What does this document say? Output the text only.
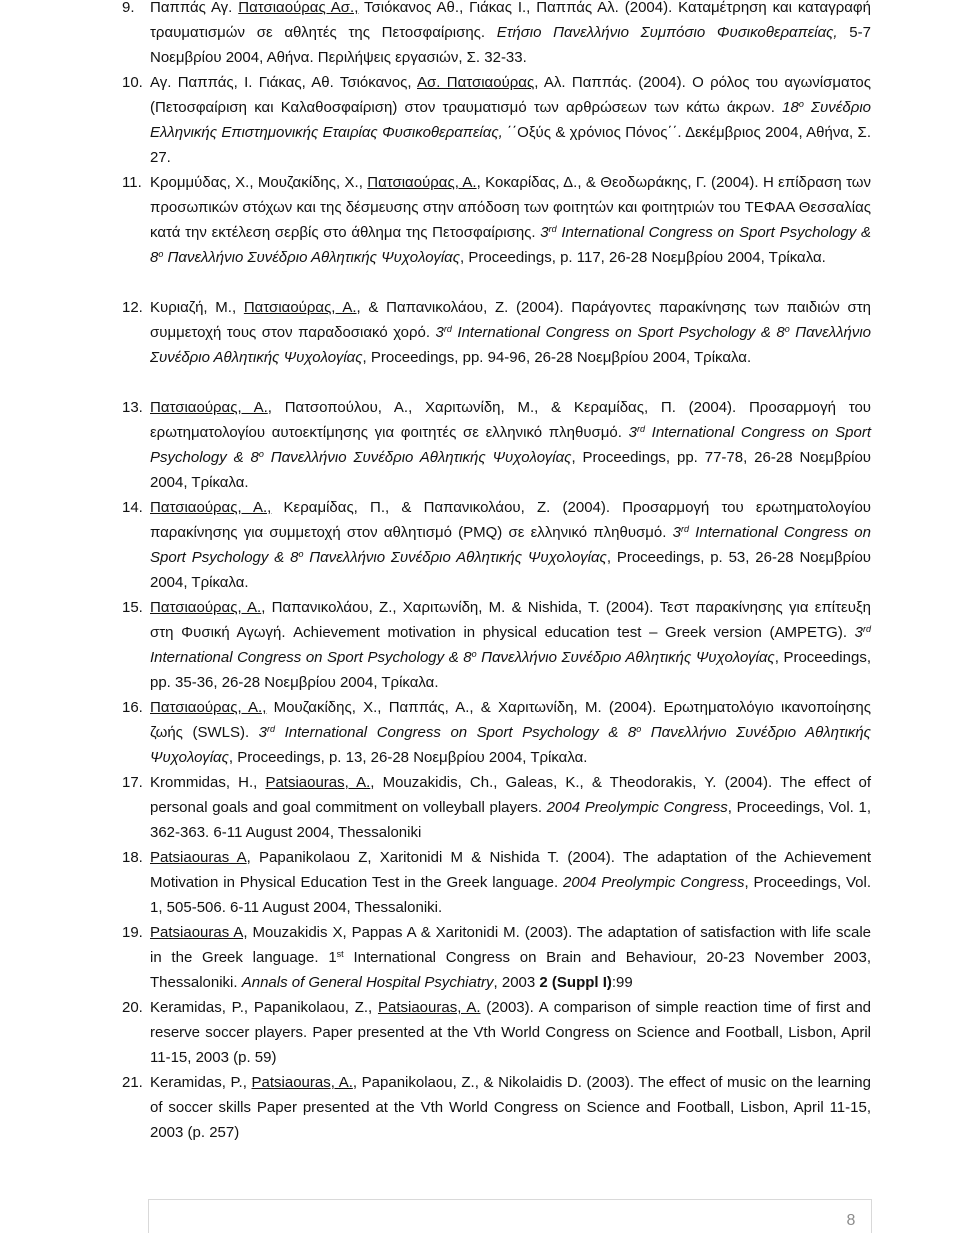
9. Παππάς Αγ. Πατσιαούρας Ασ., Τσιόκανος Αθ., Γιάκας Ι., Παππάς Αλ. (2004). Καταμέτρηση και καταγραφή τραυματισμών σε αθλητές της Πετοσφαίρισης. Ετήσιο Πανελλήνιο Συμπόσιο Φυσικοθεραπείας, 5-7 Νοεμβρίου 2004, Αθήνα. Περιλήψεις εργασιών, Σ. 32-33.
10. Αγ. Παππάς, Ι. Γιάκας, Αθ. Τσιόκανος, Ασ. Πατσιαούρας, Αλ. Παππάς. (2004). Ο ρόλος του αγωνίσματος (Πετοσφαίριση και Καλαθοσφαίριση) στον τραυματισμό των αρθρώσεων των κάτω άκρων. $18^o$ Συνέδριο Ελληνικής Επιστημονικής Εταιρίας Φυσικοθεραπείας, ΄΄Οξύς & χρόνιος Πόνος΄΄. Δεκέμβριος 2004, Αθήνα, Σ. 27.
11. Κρομμύδας, Χ., Μουζακίδης, Χ., Πατσιαούρας, Α., Κοκαρίδας, Δ., & Θεοδωράκης, Γ. (2004). Η επίδραση των προσωπικών στόχων και της δέσμευσης στην απόδοση των φοιτητών και φοιτητριών του ΤΕΦΑΑ Θεσσαλίας κατά την εκτέλεση σερβίς στο άθλημα της Πετοσφαίρισης. 3rd International Congress on Sport Psychology & 8$^o$ Πανελλήνιο Συνέδριο Αθλητικής Ψυχολογίας, Proceedings, p. 117, 26-28 Νοεμβρίου 2004, Τρίκαλα.
12. Κυριαζή, Μ., Πατσιαούρας, Α., & Παπανικολάου, Ζ. (2004). Παράγοντες παρακίνησης των παιδιών στη συμμετοχή τους στον παραδοσιακό χορό. 3rd International Congress on Sport Psychology & 8$^o$ Πανελλήνιο Συνέδριο Αθλητικής Ψυχολογίας, Proceedings, pp. 94-96, 26-28 Νοεμβρίου 2004, Τρίκαλα.
13. Πατσιαούρας, Α., Πατσοπούλου, Α., Χαριτωνίδη, Μ., & Κεραμίδας, Π. (2004). Προσαρμογή του ερωτηματολογίου αυτοεκτίμησης για φοιτητές σε ελληνικό πληθυσμό. 3rd International Congress on Sport Psychology & 8$^o$ Πανελλήνιο Συνέδριο Αθλητικής Ψυχολογίας, Proceedings, pp. 77-78, 26-28 Νοεμβρίου 2004, Τρίκαλα.
14. Πατσιαούρας, Α., Κεραμίδας, Π., & Παπανικολάου, Ζ. (2004). Προσαρμογή του ερωτηματολογίου παρακίνησης για συμμετοχή στον αθλητισμό (PMQ) σε ελληνικό πληθυσμό. 3rd International Congress on Sport Psychology & 8$^o$ Πανελλήνιο Συνέδριο Αθλητικής Ψυχολογίας, Proceedings, p. 53, 26-28 Νοεμβρίου 2004, Τρίκαλα.
15. Πατσιαούρας, Α., Παπανικολάου, Ζ., Χαριτωνίδη, Μ. & Nishida, T. (2004). Τεστ παρακίνησης για επίτευξη στη Φυσική Αγωγή. Achievement motivation in physical education test – Greek version (AMPETG). 3rd International Congress on Sport Psychology & 8$^o$ Πανελλήνιο Συνέδριο Αθλητικής Ψυχολογίας, Proceedings, pp. 35-36, 26-28 Νοεμβρίου 2004, Τρίκαλα.
16. Πατσιαούρας, Α., Μουζακίδης, Χ., Παππάς, Α., & Χαριτωνίδη, Μ. (2004). Ερωτηματολόγιο ικανοποίησης ζωής (SWLS). 3rd International Congress on Sport Psychology & 8$^o$ Πανελλήνιο Συνέδριο Αθλητικής Ψυχολογίας, Proceedings, p. 13, 26-28 Νοεμβρίου 2004, Τρίκαλα.
17. Krommidas, H., Patsiaouras, A., Mouzakidis, Ch., Galeas, K., & Theodorakis, Y. (2004). The effect of personal goals and goal commitment on volleyball players. 2004 Preolympic Congress, Proceedings, Vol. 1, 362-363. 6-11 August 2004, Thessaloniki
18. Patsiaouras A, Papanikolaou Z, Xaritonidi M & Nishida T. (2004). The adaptation of the Achievement Motivation in Physical Education Test in the Greek language. 2004 Preolympic Congress, Proceedings, Vol. 1, 505-506. 6-11 August 2004, Thessaloniki.
19. Patsiaouras A, Mouzakidis X, Pappas A & Xaritonidi M. (2003). The adaptation of satisfaction with life scale in the Greek language. 1st International Congress on Brain and Behaviour, 20-23 November 2003, Thessaloniki. Annals of General Hospital Psychiatry, 2003 2 (Suppl I):99
20. Keramidas, P., Papanikolaou, Z., Patsiaouras, A. (2003). A comparison of simple reaction time of first and reserve soccer players. Paper presented at the Vth World Congress on Science and Football, Lisbon, April 11-15, 2003 (p. 59)
21. Keramidas, P., Patsiaouras, A., Papanikolaou, Z., & Nikolaidis D. (2003). The effect of music on the learning of soccer skills Paper presented at the Vth World Congress on Science and Football, Lisbon, April 11-15, 2003 (p. 257)
8
